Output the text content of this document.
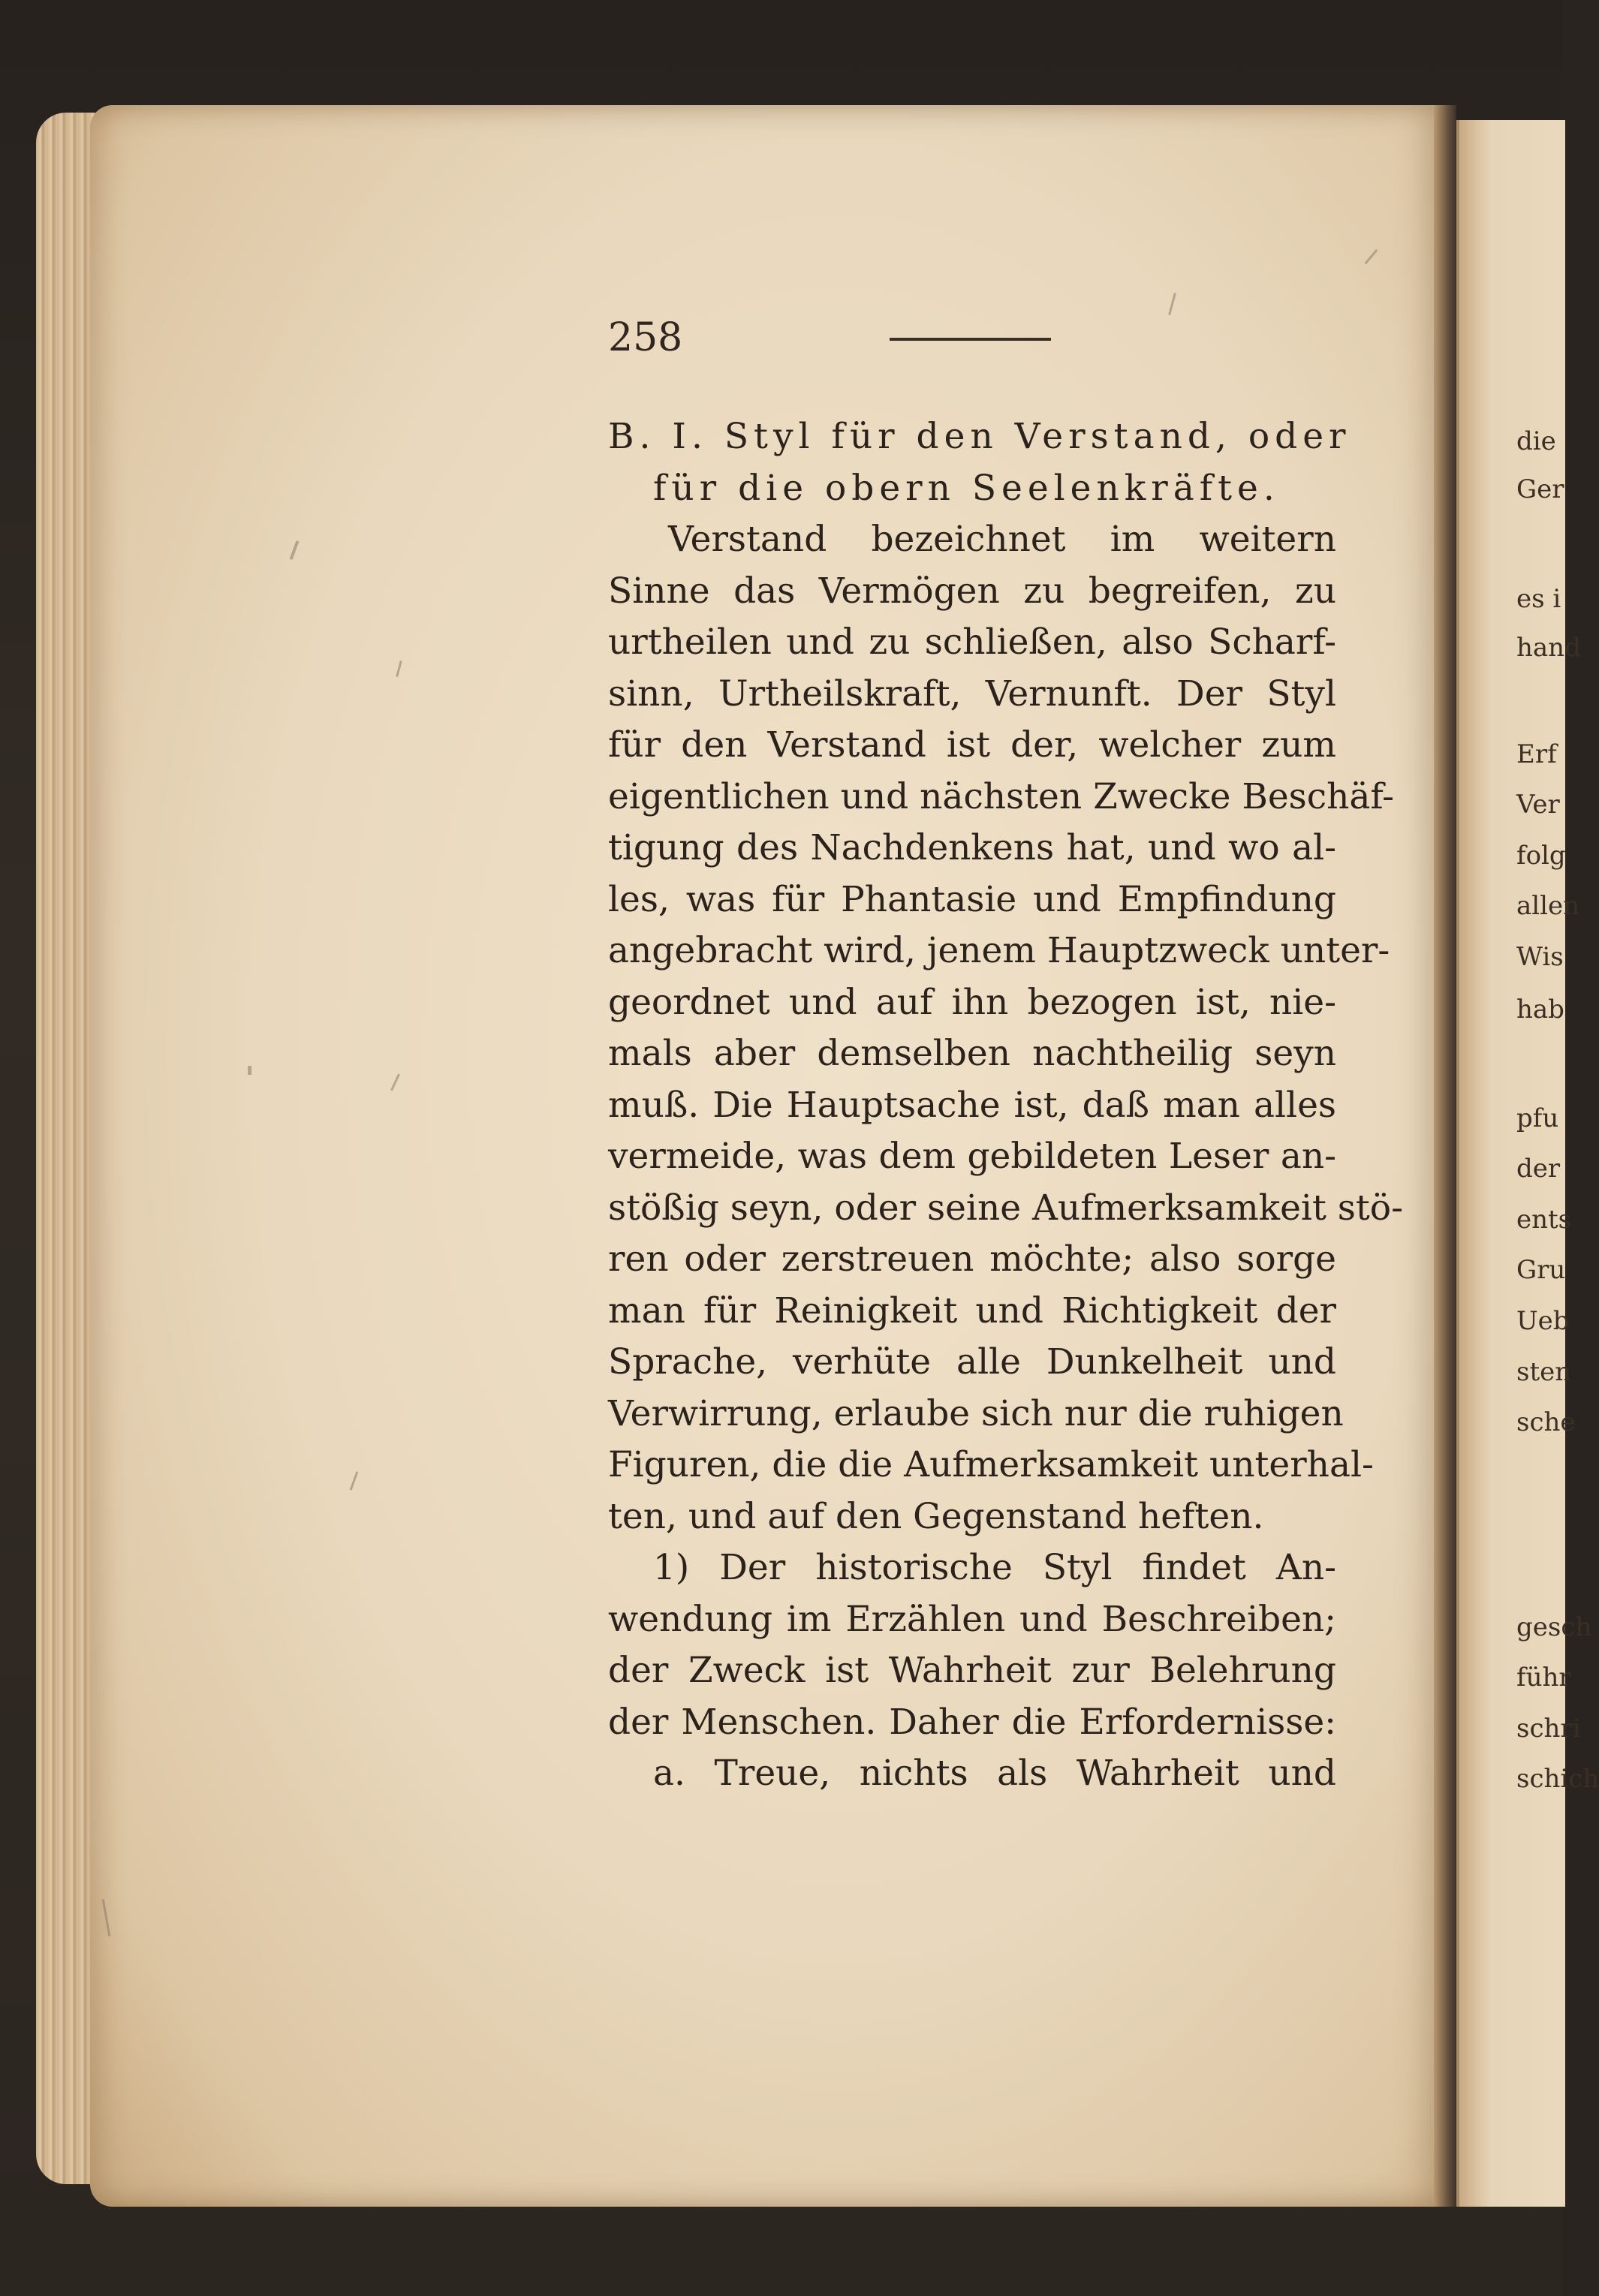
die
Ger
es i
hand
Erf
Ver
folg
allen
Wis
hab
pfu
der
ents
Gru
Ueb
sten
sche
gesch
führ
schri
schich
258
B. I. Styl für den Verstand, oder
für die obern Seelenkräfte.
Verstand bezeichnet im weitern
Sinne das Vermögen zu begreifen, zu
urtheilen und zu schließen, also Scharf-
sinn, Urtheilskraft, Vernunft. Der Styl
für den Verstand ist der, welcher zum
eigentlichen und nächsten Zwecke Beschäf-
tigung des Nachdenkens hat, und wo al-
les, was für Phantasie und Empfindung
angebracht wird, jenem Hauptzweck unter-
geordnet und auf ihn bezogen ist, nie-
mals aber demselben nachtheilig seyn
muß. Die Hauptsache ist, daß man alles
vermeide, was dem gebildeten Leser an-
stößig seyn, oder seine Aufmerksamkeit stö-
ren oder zerstreuen möchte; also sorge
man für Reinigkeit und Richtigkeit der
Sprache, verhüte alle Dunkelheit und
Verwirrung, erlaube sich nur die ruhigen
Figuren, die die Aufmerksamkeit unterhal-
ten, und auf den Gegenstand heften.
1) Der historische Styl findet An-
wendung im Erzählen und Beschreiben;
der Zweck ist Wahrheit zur Belehrung
der Menschen. Daher die Erfordernisse:
a. Treue, nichts als Wahrheit und
